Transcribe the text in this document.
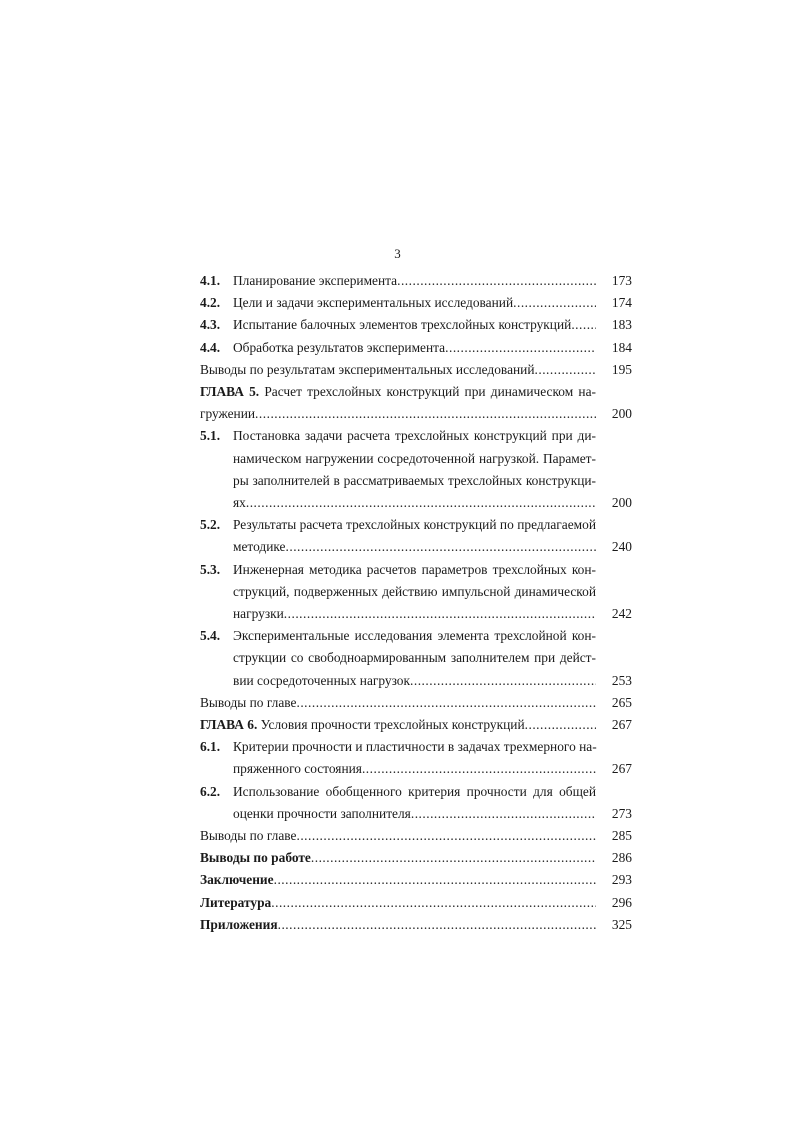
3
4.1. Планирование эксперимента .....	173
4.2. Цели и задачи экспериментальных исследований .....	174
4.3. Испытание балочных элементов трехслойных конструкций .....	183
4.4. Обработка результатов эксперимента .....	184
Выводы по результатам экспериментальных исследований .....	195
ГЛАВА 5. Расчет трехслойных конструкций при динамическом на-
гружении .....	200
5.1. Постановка задачи расчета трехслойных конструкций при ди-
намическом нагружении сосредоточенной нагрузкой. Парамет-
ры заполнителей в рассматриваемых трехслойных конструкци-
ях .....	200
5.2. Результаты расчета трехслойных конструкций по предлагаемой
методике .....	240
5.3. Инженерная методика расчетов параметров трехслойных кон-
струкций, подверженных действию импульсной динамической
нагрузки .....	242
5.4. Экспериментальные исследования элемента трехслойной кон-
струкции со свободноармированным заполнителем при дейст-
вии сосредоточенных нагрузок .....	253
Выводы по главе .....	265
ГЛАВА 6. Условия прочности трехслойных конструкций .....	267
6.1. Критерии прочности и пластичности в задачах трехмерного на-
пряженного состояния .....	267
6.2. Использование обобщенного критерия прочности для общей
оценки прочности заполнителя .....	273
Выводы по главе .....	285
Выводы по работе .....	286
Заключение .....	293
Литература .....	296
Приложения .....	325
